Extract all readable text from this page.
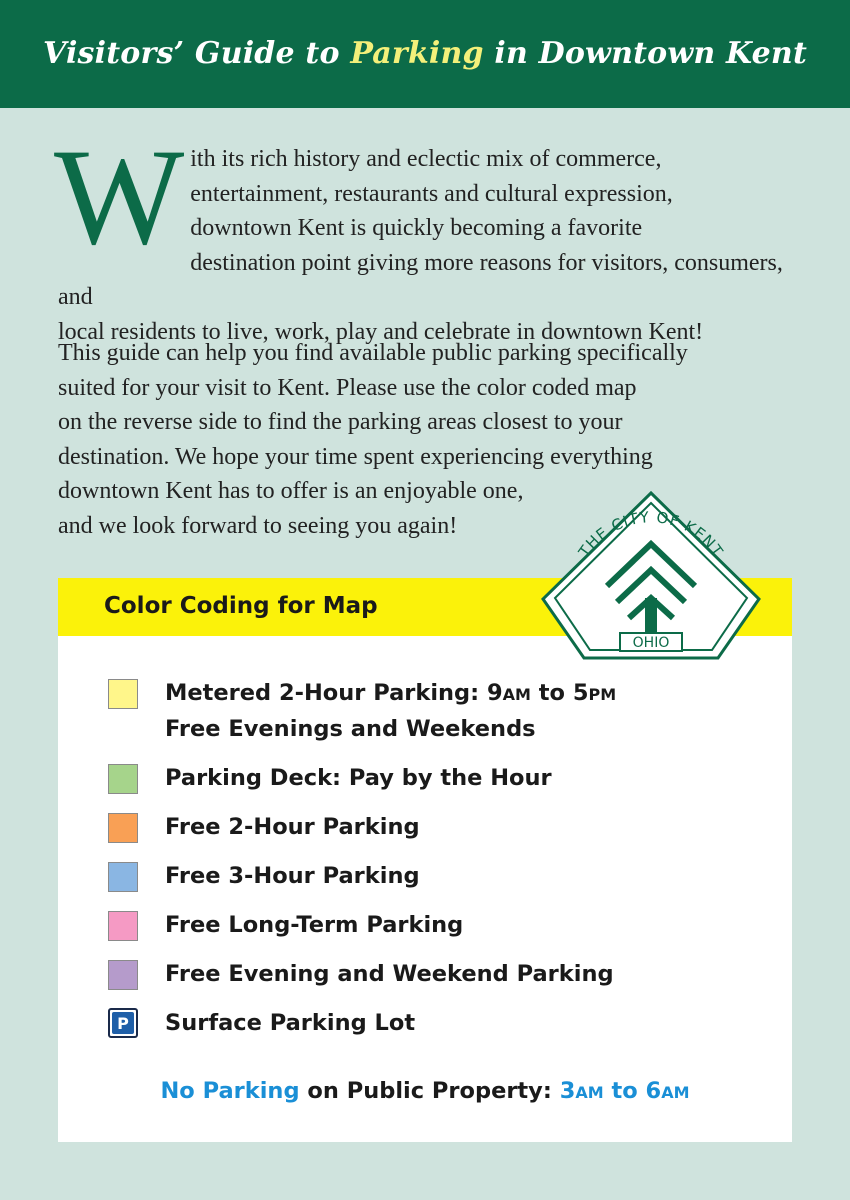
Visitors’ Guide to Parking in Downtown Kent
W ith its rich history and eclectic mix of commerce,
entertainment, restaurants and cultural expression,
downtown Kent is quickly becoming a favorite
destination point giving more reasons for visitors, consumers, and
local residents to live, work, play and celebrate in downtown Kent!

This guide can help you find available public parking specifically
suited for your visit to Kent. Please use the color coded map
on the reverse side to find the parking areas closest to your
destination. We hope your time spent experiencing everything
downtown Kent has to offer is an enjoyable one,
and we look forward to seeing you again!

Color Coding for Map
Metered 2-Hour Parking: 9AM to 5PM
Free Evenings and Weekends
Parking Deck: Pay by the Hour
Free 2-Hour Parking
Free 3-Hour Parking
Free Long-Term Parking
Free Evening and Weekend Parking
P Surface Parking Lot
No Parking on Public Property: 3AM to 6AM
THE CITY OF KENT
OHIO
